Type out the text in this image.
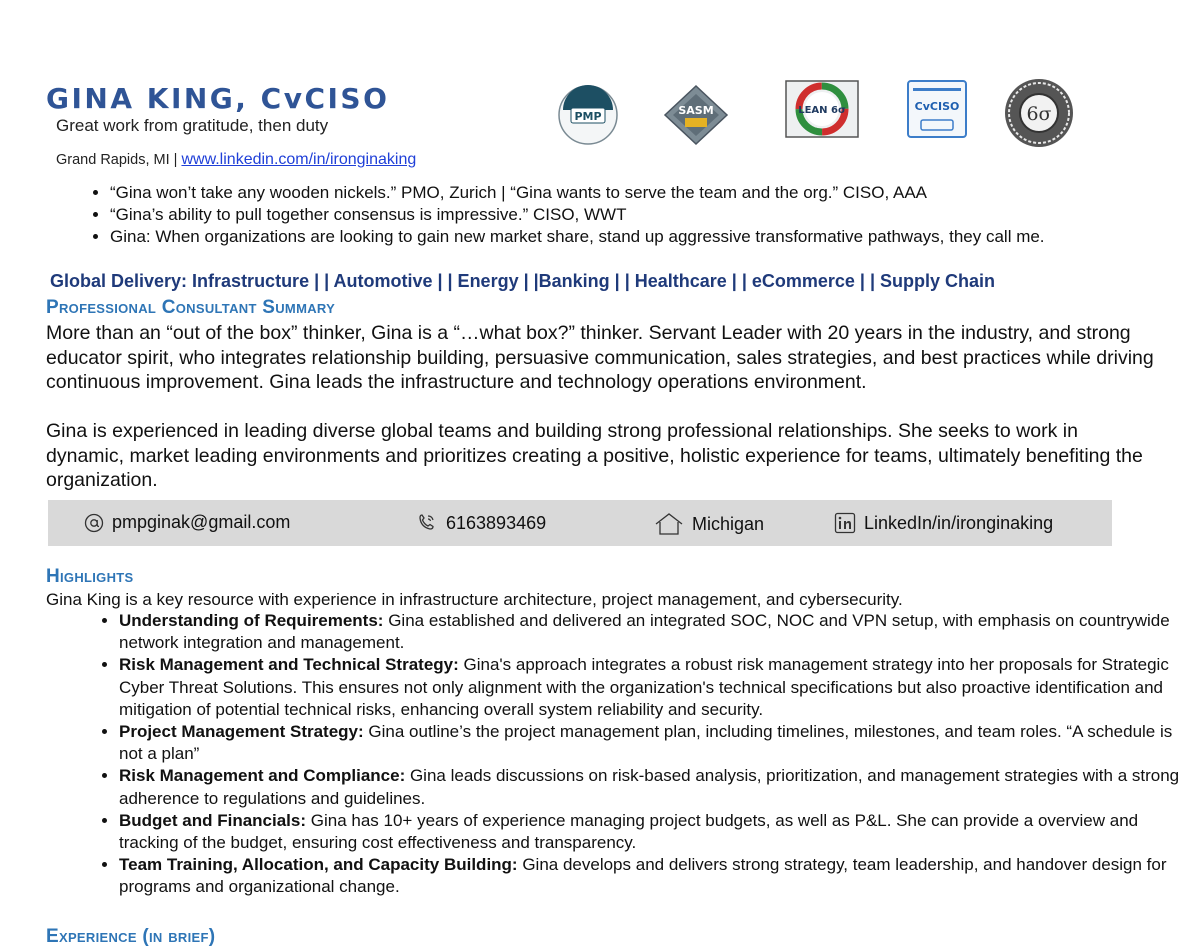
GINA KING, CvCISO
Great work from gratitude, then duty
Grand Rapids, MI | www.linkedin.com/in/ironginaking
PMP	SASM	LEAN 6σ	CvCISO	6σ
• “Gina won’t take any wooden nickels.” PMO, Zurich | “Gina wants to serve the team and the org.” CISO, AAA
• “Gina’s ability to pull together consensus is impressive.” CISO, WWT
• Gina: When organizations are looking to gain new market share, stand up aggressive transformative pathways, they call me.
Global Delivery: Infrastructure | | Automotive | | Energy | |Banking | | Healthcare | | eCommerce | | Supply Chain
Professional Consultant Summary

More than an “out of the box” thinker, Gina is a “…what box?” thinker. Servant Leader with 20 years in the industry, and strong educator spirit, who integrates relationship building, persuasive communication, sales strategies, and best practices while driving continuous improvement. Gina leads the infrastructure and technology operations environment.

Gina is experienced in leading diverse global teams and building strong professional relationships. She seeks to work in dynamic, market leading environments and prioritizes creating a positive, holistic experience for teams, ultimately benefiting the organization.

pmpginak@gmail.com	6163893469	Michigan	LinkedIn/in/ironginaking
Highlights
Gina King is a key resource with experience in infrastructure architecture, project management, and cybersecurity.
• Understanding of Requirements: Gina established and delivered an integrated SOC, NOC and VPN setup, with emphasis on countrywide network integration and management.
• Risk Management and Technical Strategy: Gina's approach integrates a robust risk management strategy into her proposals for Strategic Cyber Threat Solutions. This ensures not only alignment with the organization's technical specifications but also proactive identification and mitigation of potential technical risks, enhancing overall system reliability and security.
• Project Management Strategy: Gina outline’s the project management plan, including timelines, milestones, and team roles. “A schedule is not a plan”
• Risk Management and Compliance: Gina leads discussions on risk-based analysis, prioritization, and management strategies with a strong adherence to regulations and guidelines.
• Budget and Financials: Gina has 10+ years of experience managing project budgets, as well as P&L. She can provide a overview and tracking of the budget, ensuring cost effectiveness and transparency.
• Team Training, Allocation, and Capacity Building: Gina develops and delivers strong strategy, team leadership, and handover design for programs and organizational change.
Experience (in brief)
